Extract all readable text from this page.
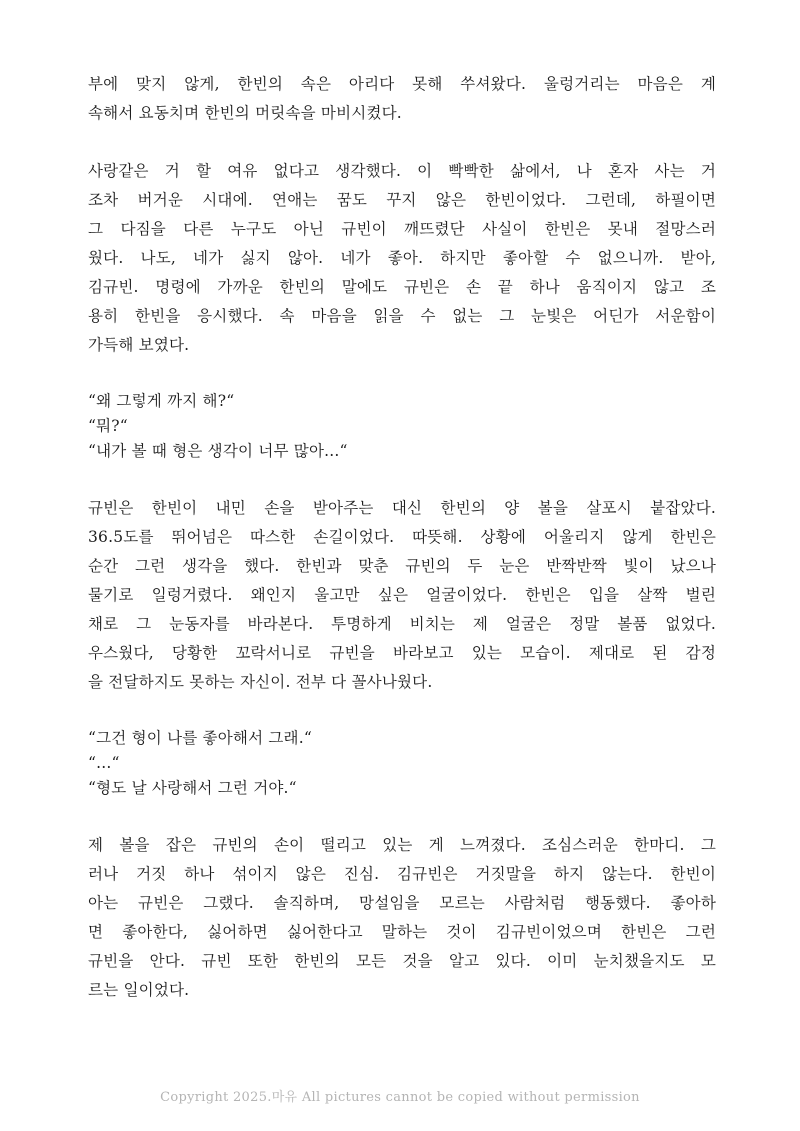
부에 맞지 않게, 한빈의 속은 아리다 못해 쑤셔왔다. 울렁거리는 마음은 계
속해서 요동치며 한빈의 머릿속을 마비시켰다.
사랑같은 거 할 여유 없다고 생각했다. 이 빡빡한 삶에서, 나 혼자 사는 거
조차 버거운 시대에. 연애는 꿈도 꾸지 않은 한빈이었다. 그런데, 하필이면
그 다짐을 다른 누구도 아닌 규빈이 깨뜨렸단 사실이 한빈은 못내 절망스러
웠다. 나도, 네가 싫지 않아. 네가 좋아. 하지만 좋아할 수 없으니까. 받아,
김규빈. 명령에 가까운 한빈의 말에도 규빈은 손 끝 하나 움직이지 않고 조
용히 한빈을 응시했다. 속 마음을 읽을 수 없는 그 눈빛은 어딘가 서운함이
가득해 보였다.
“왜 그렇게 까지 해?“
“뭐?“
“내가 볼 때 형은 생각이 너무 많아...“
규빈은 한빈이 내민 손을 받아주는 대신 한빈의 양 볼을 살포시 붙잡았다.
36.5도를 뛰어넘은 따스한 손길이었다. 따뜻해. 상황에 어울리지 않게 한빈은
순간 그런 생각을 했다. 한빈과 맞춘 규빈의 두 눈은 반짝반짝 빛이 났으나
물기로 일렁거렸다. 왜인지 울고만 싶은 얼굴이었다. 한빈은 입을 살짝 벌린
채로 그 눈동자를 바라본다. 투명하게 비치는 제 얼굴은 정말 볼품 없었다.
우스웠다, 당황한 꼬락서니로 규빈을 바라보고 있는 모습이. 제대로 된 감정
을 전달하지도 못하는 자신이. 전부 다 꼴사나웠다.
“그건 형이 나를 좋아해서 그래.“
“...“
“형도 날 사랑해서 그런 거야.“
제 볼을 잡은 규빈의 손이 떨리고 있는 게 느껴졌다. 조심스러운 한마디. 그
러나 거짓 하나 섞이지 않은 진심. 김규빈은 거짓말을 하지 않는다. 한빈이
아는 규빈은 그랬다. 솔직하며, 망설임을 모르는 사람처럼 행동했다. 좋아하
면 좋아한다, 싫어하면 싫어한다고 말하는 것이 김규빈이었으며 한빈은 그런
규빈을 안다. 규빈 또한 한빈의 모든 것을 알고 있다. 이미 눈치챘을지도 모
르는 일이었다.
Copyright 2025.마유 All pictures cannot be copied without permission
